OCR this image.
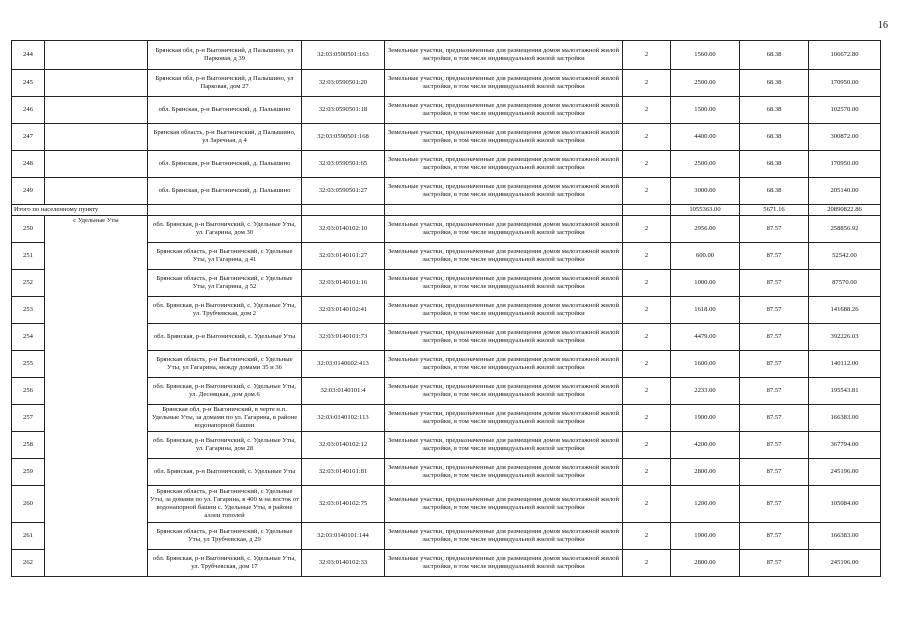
16
244		Брянская обл, р-н Выгоничский, д Палышино, ул Парковая, д 39	32:03:0590501:163	Земельные участки, предназначенные для размещения домов малоэтажной жилой застройки, в том числе индивидуальной жилой застройки	2	1560.00	68.38	106672.80
245		Брянская обл, р-н Выгоничский, д Палышино, ул Парковая, дом 27	32:03:0590501:20	Земельные участки, предназначенные для размещения домов малоэтажной жилой застройки, в том числе индивидуальной жилой застройки	2	2500.00	68.38	170950.00
246		обл. Брянская, р-н Выгоничский, д. Палышино	32:03:0590501:18	Земельные участки, предназначенные для размещения домов малоэтажной жилой застройки, в том числе индивидуальной жилой застройки	2	1500.00	68.38	102570.00
247		Брянская область, р-н Выгоничский, д Палышино, ул Заречная, д 4	32:03:0590501:168	Земельные участки, предназначенные для размещения домов малоэтажной жилой застройки, в том числе индивидуальной жилой застройки	2	4400.00	68.38	300872.00
248		обл. Брянская, р-н Выгоничский, д. Палышино	32:03:0590501:65	Земельные участки, предназначенные для размещения домов малоэтажной жилой застройки, в том числе индивидуальной жилой застройки	2	2500.00	68.38	170950.00
249		обл. Брянская, р-н Выгоничский, д. Палышино	32:03:0590501:27	Земельные участки, предназначенные для размещения домов малоэтажной жилой застройки, в том числе индивидуальной жилой застройки	2	3000.00	68.38	205140.00
Итого по населенному пункту						1055363.00	5671.16	20890822.86
250	с Удельные Уты	обл. Брянская, р-н Выгоничский, с. Удельные Уты, ул. Гагарина, дом 30	32:03:0140102:10	Земельные участки, предназначенные для размещения домов малоэтажной жилой застройки, в том числе индивидуальной жилой застройки	2	2956.00	87.57	258856.92
251		Брянская область, р-н Выгоничский, с Удельные Уты, ул Гагарина, д 41	32:03:0140101:27	Земельные участки, предназначенные для размещения домов малоэтажной жилой застройки, в том числе индивидуальной жилой застройки	2	600.00	87.57	52542.00
252		Брянская область, р-н Выгоничский, с Удельные Уты, ул Гагарина, д 52	32:03:0140101:16	Земельные участки, предназначенные для размещения домов малоэтажной жилой застройки, в том числе индивидуальной жилой застройки	2	1000.00	87.57	87570.00
253		обл. Брянская, р-н Выгоничский, с. Удельные Уты, ул. Трубчевская, дом 2	32:03:0140102:41	Земельные участки, предназначенные для размещения домов малоэтажной жилой застройки, в том числе индивидуальной жилой застройки	2	1618.00	87.57	141688.26
254		обл. Брянская, р-н Выгоничский, с. Удельные Уты	32:03:0140101:73	Земельные участки, предназначенные для размещения домов малоэтажной жилой застройки, в том числе индивидуальной жилой застройки	2	4479.00	87.57	392226.03
255		Брянская область, р-н Выгоничский, с Удельные Уты, ул Гагарина, между домами 35 и 36	32:03:0140602:413	Земельные участки, предназначенные для размещения домов малоэтажной жилой застройки, в том числе индивидуальной жилой застройки	2	1600.00	87.57	140112.00
256		обл. Брянская, р-н Выгоничский, с. Удельные Уты, ул. Десняцкая, дом дом.6	32:03:0140101:4	Земельные участки, предназначенные для размещения домов малоэтажной жилой застройки, в том числе индивидуальной жилой застройки	2	2233.00	87.57	195543.81
257		Брянская обл, р-н Выгоничский, в черте н.п. Удельные Уты, за домами по ул. Гагарина, в районе водонапорной башни	32:03:0140102:113	Земельные участки, предназначенные для размещения домов малоэтажной жилой застройки, в том числе индивидуальной жилой застройки	2	1900.00	87.57	166383.00
258		обл. Брянская, р-н Выгоничский, с. Удельные Уты, ул. Гагарина, дом 28	32:03:0140102:12	Земельные участки, предназначенные для размещения домов малоэтажной жилой застройки, в том числе индивидуальной жилой застройки	2	4200.00	87.57	367794.00
259		обл. Брянская, р-н Выгоничский, с. Удельные Уты	32:03:0140101:81	Земельные участки, предназначенные для размещения домов малоэтажной жилой застройки, в том числе индивидуальной жилой застройки	2	2800.00	87.57	245196.00
260		Брянская область, р-н Выгоничский, с Удельные Уты, за домами по ул. Гагарина, в 400 м на восток от водонапорной башни с. Удельные Уты, в районе аллеи тополей	32:03:0140102:75	Земельные участки, предназначенные для размещения домов малоэтажной жилой застройки, в том числе индивидуальной жилой застройки	2	1200.00	87.57	105084.00
261		Брянская область, р-н Выгоничский, с Удельные Уты, ул Трубчевская, д 29	32:03:0140101:144	Земельные участки, предназначенные для размещения домов малоэтажной жилой застройки, в том числе индивидуальной жилой застройки	2	1900.00	87.57	166383.00
262		обл. Брянская, р-н Выгоничский, с. Удельные Уты, ул. Трубчевская, дом 17	32:03:0140102:33	Земельные участки, предназначенные для размещения домов малоэтажной жилой застройки, в том числе индивидуальной жилой застройки	2	2800.00	87.57	245196.00
